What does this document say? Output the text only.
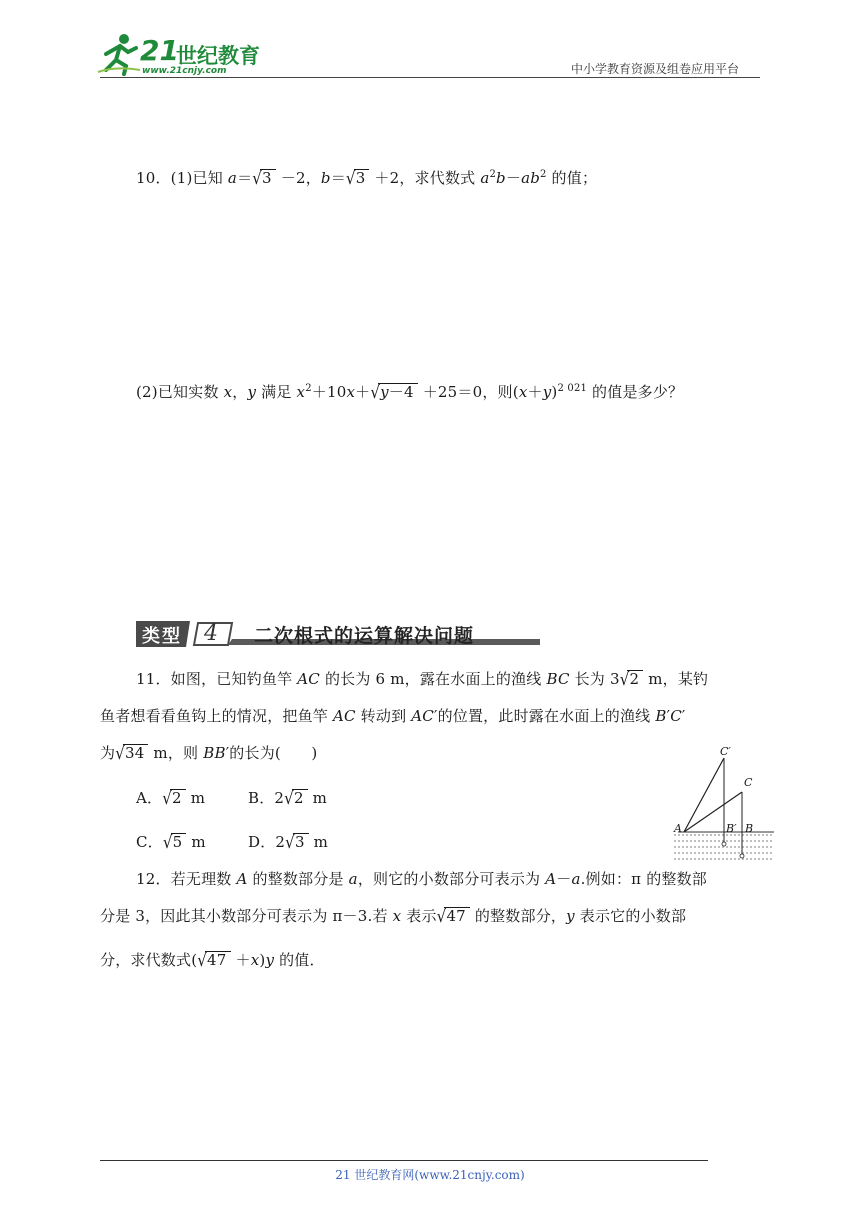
21
世纪教育
www.21cnjy.com	中小学教育资源及组卷应用平台
10．(1)已知 a＝√3 －2，b＝√3 ＋2，求代数式 $a^2b-ab^2$ 的值；
(2)已知实数 x，y 满足 $x^2+10x+√y-4 +25=0$，则$(x+y)^{2 021}$ 的值是多少？
类型 4 二次根式的运算解决问题
11．如图，已知钓鱼竿 AC 的长为 6 m，露在水面上的渔线 BC 长为 3√2 m，某钓
鱼者想看看鱼钩上的情况，把鱼竿 AC 转动到 AC′的位置，此时露在水面上的渔线 B′C′
为√34 m，则 BB′的长为(　　)
A．√2 m	B．2√2 m
C．√5 m	D．2√3 m
A	B′ B
C
C′
12．若无理数 A 的整数部分是 a，则它的小数部分可表示为 A－a.例如：π 的整数部
分是 3，因此其小数部分可表示为 π－3.若 x 表示√47 的整数部分，y 表示它的小数部
分，求代数式(√47 ＋x)y 的值．
21 世纪教育网(www.21cnjy.com)
